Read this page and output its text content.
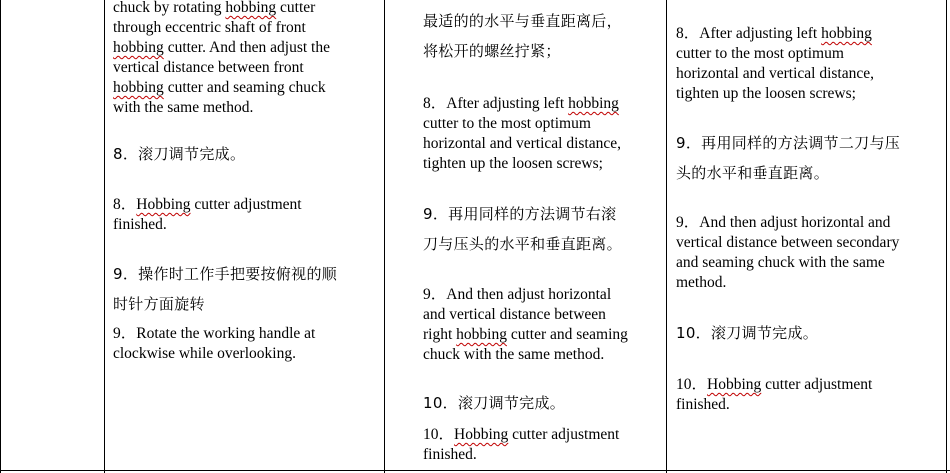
chuck by rotating hobbing cutter
through eccentric shaft of front
hobbing cutter. And then adjust the
vertical distance between front
hobbing cutter and seaming chuck
with the same method.
8．滚刀调节完成。
8．Hobbing cutter adjustment
finished.
9．操作时工作手把要按俯视的顺
时针方面旋转
9．Rotate the working handle at
clockwise while overlooking.
最适的的水平与垂直距离后，
将松开的螺丝拧紧；
8．After adjusting left hobbing
cutter to the most optimum
horizontal and vertical distance,
tighten up the loosen screws;
9．再用同样的方法调节右滚
刀与压头的水平和垂直距离。
9．And then adjust horizontal
and vertical distance between
right hobbing cutter and seaming
chuck with the same method.
10．滚刀调节完成。
10．Hobbing cutter adjustment
finished.
8．After adjusting left hobbing
cutter to the most optimum
horizontal and vertical distance,
tighten up the loosen screws;
9．再用同样的方法调节二刀与压
头的水平和垂直距离。
9．And then adjust horizontal and
vertical distance between secondary
and seaming chuck with the same
method.
10．滚刀调节完成。
10．Hobbing cutter adjustment
finished.
